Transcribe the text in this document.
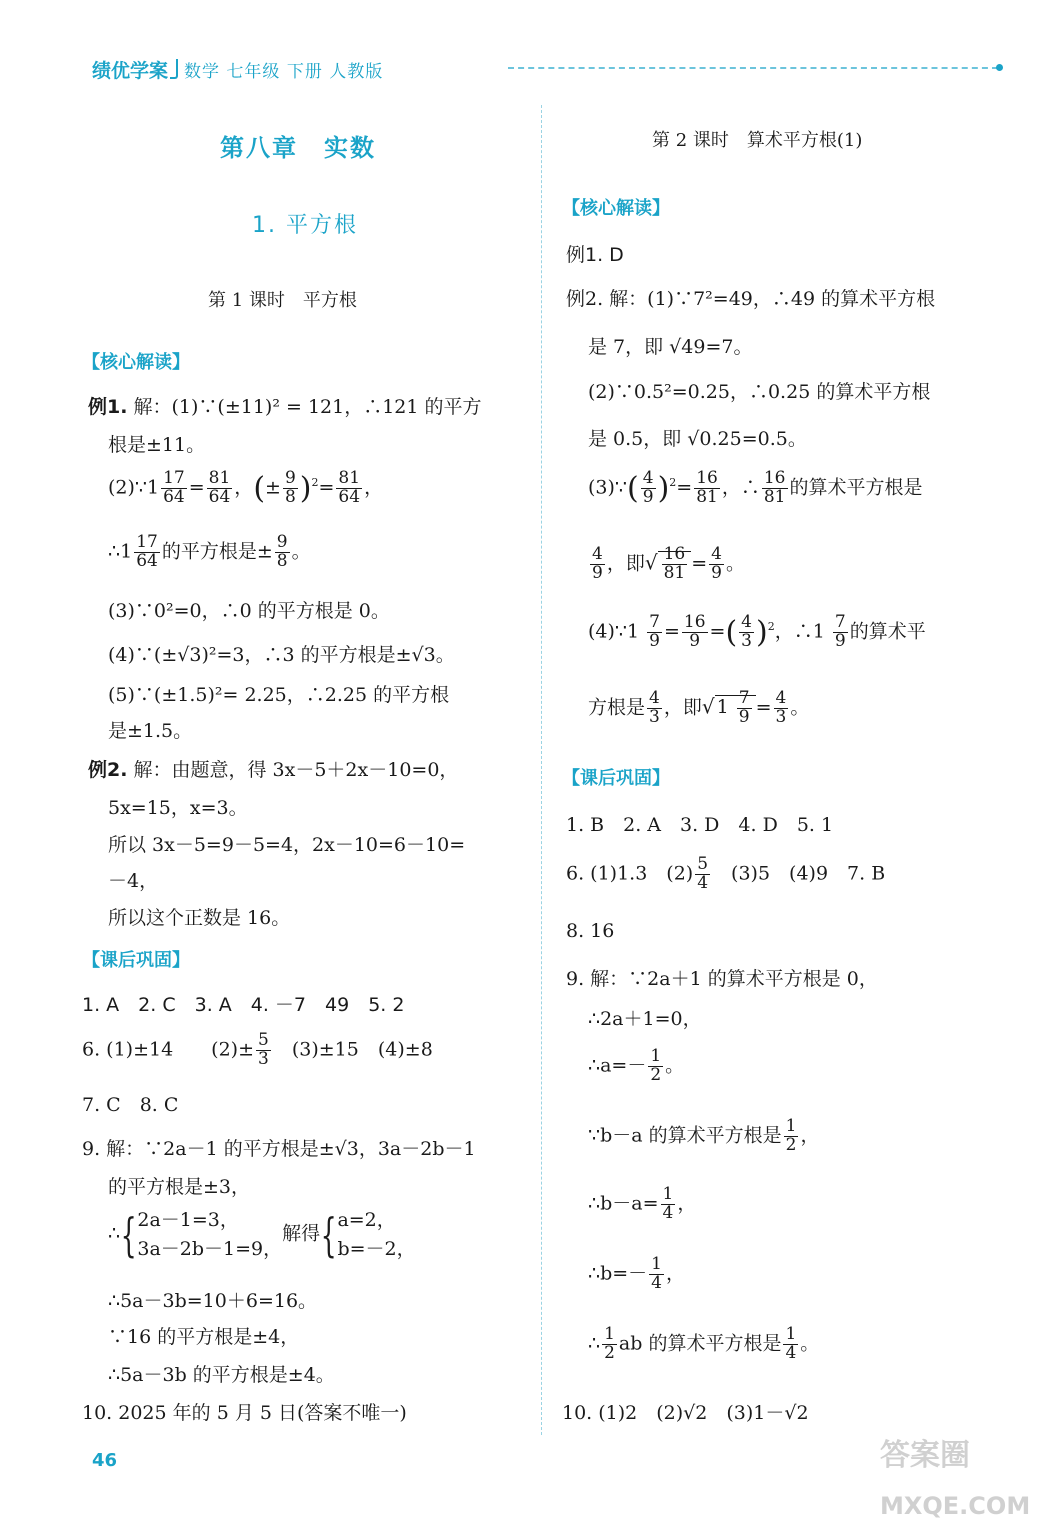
绩优学案 数学 七年级 下册 人教版
第八章　实数
1. 平方根
第 1 课时　平方根
【核心解读】
例1. 解：(1)∵(±11)² = 121，∴121 的平方
根是±11。
(2)∵1 $\frac{17}{64} = \frac{81}{64}$ ，(± $\frac{9}{8} )^2= \frac{81}{64}$ ，
∴1 $\frac{17}{64}$ 的平方根是± $\frac{9}{8}$ 。
(3)∵0²=0，∴0 的平方根是 0。
(4)∵(±√3)²=3，∴3 的平方根是±√3。
(5)∵(±1.5)²= 2.25，∴2.25 的平方根
是±1.5。
例2. 解：由题意，得 3x－5＋2x－10=0，
5x=15，x=3。
所以 3x－5=9－5=4，2x－10=6－10=
－4，
所以这个正数是 16。
【课后巩固】
1. A　2. C　3. A　4. －7　49　5. 2
6. (1)±14　　$(2)\pm \frac{5}{3}$ 　(3)±15　(4)±8
7. C　8. C
9. 解：∵2a－1 的平方根是±√3，3a－2b－1
的平方根是±3，
∴{ 2a－1=3，
3a－2b－1=9，
解得{ a=2，
b=－2，
∴5a－3b=10＋6=16。
∵16 的平方根是±4，
∴5a－3b 的平方根是±4。
10. 2025 年的 5 月 5 日(答案不唯一)
第 2 课时　算术平方根(1)
【核心解读】
例1. D
例2. 解：(1)∵7²=49，∴49 的算术平方根
是 7，即 √49=7。
(2)∵0.5²=0.25，∴0.25 的算术平方根
是 0.5，即 √0.25=0.5。
(3)∵( $\frac{4}{9} )^2= \frac{16}{81}$ ，∴ $\frac{16}{81}$ 的算术平方根是
$\frac{4}{9}$ ，即√ $\frac{16}{81} = \frac{4}{9}$ 。
(4)∵1 $\frac{7}{9} = \frac{16}{9}$ =( $\frac{4}{3} )^2$，∴1 $\frac{7}{9}$ 的算术平
方根是 $\frac{4}{3}$ ，即√ $1 \frac{7}{9} = \frac{4}{3}$ 。
【课后巩固】
1. B　2. A　3. D　4. D　5. 1
6. (1)1.3　$(2) \frac{5}{4}$ 　(3)5　(4)9　7. B
8. 16
9. 解：∵2a＋1 的算术平方根是 0，
∴2a＋1=0，
∴a=－ $\frac{1}{2}$ 。
∵b－a 的算术平方根是 $\frac{1}{2}$ ，
∴b－a= $\frac{1}{4}$ ，
∴b=－ $\frac{1}{4}$ ，
∴ $\frac{1}{2}$ ab 的算术平方根是 $\frac{1}{4}$ 。
10. (1)2　(2)√2　(3)1－√2
46	答案圈
MXQE.COM
